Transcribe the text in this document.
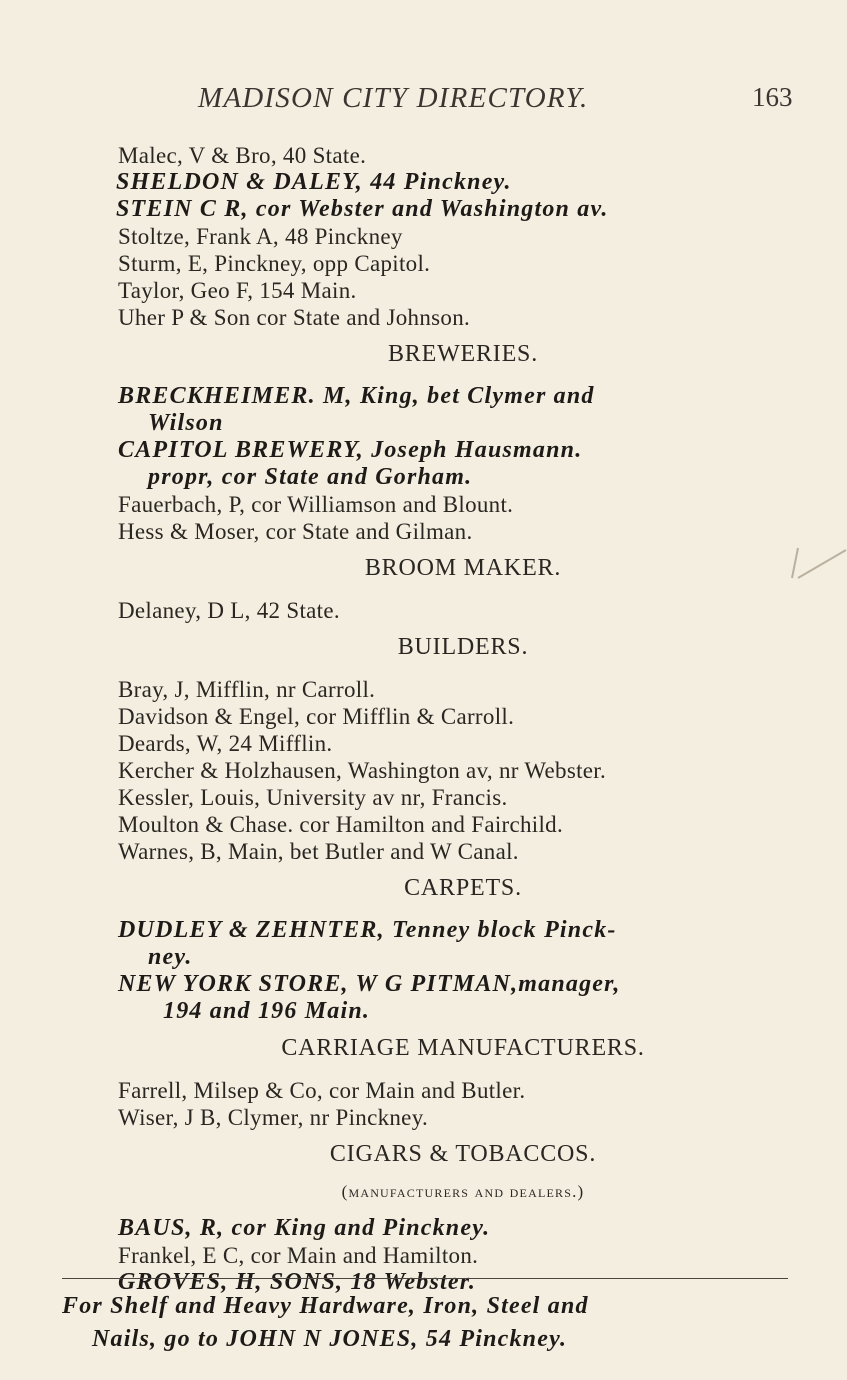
MADISON CITY DIRECTORY.	163
Malec, V & Bro, 40 State.
SHELDON & DALEY, 44 Pinckney.
STEIN C R, cor Webster and Washington av.
Stoltze, Frank A, 48 Pinckney
Sturm, E, Pinckney, opp Capitol.
Taylor, Geo F, 154 Main.
Uher P & Son cor State and Johnson.
BREWERIES.
BRECKHEIMER. M, King, bet Clymer and
Wilson
CAPITOL BREWERY, Joseph Hausmann.
propr, cor State and Gorham.
Fauerbach, P, cor Williamson and Blount.
Hess & Moser, cor State and Gilman.
BROOM MAKER.
Delaney, D L, 42 State.
BUILDERS.
Bray, J, Mifflin, nr Carroll.
Davidson & Engel, cor Mifflin & Carroll.
Deards, W, 24 Mifflin.
Kercher & Holzhausen, Washington av, nr Webster.
Kessler, Louis, University av nr, Francis.
Moulton & Chase. cor Hamilton and Fairchild.
Warnes, B, Main, bet Butler and W Canal.
CARPETS.
DUDLEY & ZEHNTER, Tenney block Pinck-
ney.
NEW YORK STORE, W G PITMAN,manager,
194 and 196 Main.
CARRIAGE MANUFACTURERS.
Farrell, Milsep & Co, cor Main and Butler.
Wiser, J B, Clymer, nr Pinckney.
CIGARS & TOBACCOS.
(manufacturers and dealers.)
BAUS, R, cor King and Pinckney.
Frankel, E C, cor Main and Hamilton.
GROVES, H, SONS, 18 Webster.
For Shelf and Heavy Hardware, Iron, Steel and
Nails, go to JOHN N JONES, 54 Pinckney.
